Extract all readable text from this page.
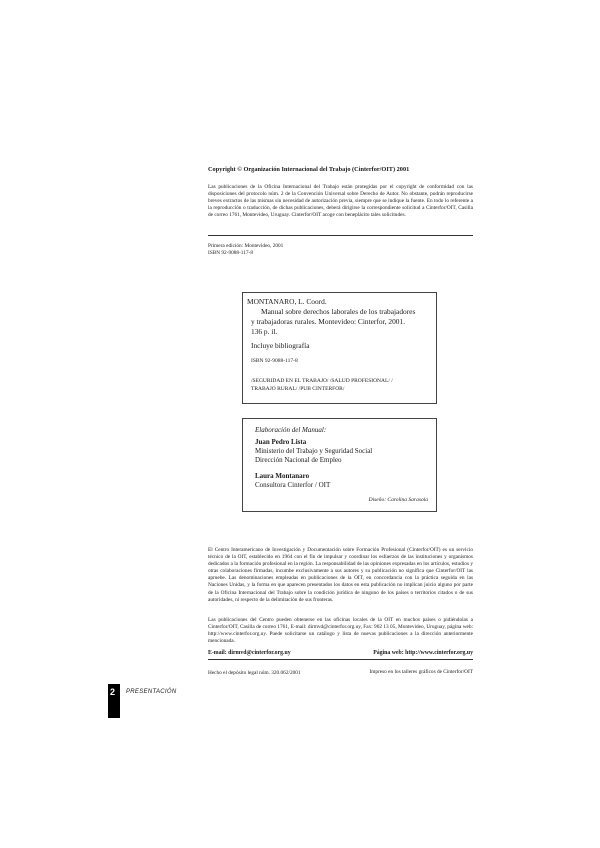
Copyright © Organización Internacional del Trabajo (Cinterfor/OIT) 2001
Las publicaciones de la Oficina Internacional del Trabajo están protegidas por el copyright de conformidad con las disposiciones del protocolo núm. 2 de la Convención Universal sobre Derecho de Autor. No obstante, podrán reproducirse breves extractos de las mismas sin necesidad de autorización previa, siempre que se indique la fuente. En todo lo referente a la reproducción o traducción, de dichas publicaciones, deberá dirigirse la correspondiente solicitud a Cinterfor/OIT, Casilla de correo 1761, Montevideo, Uruguay. Cinterfor/OIT acoge con beneplácito tales solicitudes.
Primera edición: Montevideo, 2001
ISBN 92-9088-117-8
MONTANARO, L. Coord.
Manual sobre derechos laborales de los trabajadores
y trabajadoras rurales. Montevideo: Cinterfor, 2001.
136 p. il.
Incluye bibliografía
ISBN 92-9088-117-8
/SEGURIDAD EN EL TRABAJO/ /SALUD PROFESIONAL/ /
TRABAJO RURAL/ /PUB CINTERFOR/
Elaboración del Manual:
Juan Pedro Lista
Ministerio del Trabajo y Seguridad Social
Dirección Nacional de Empleo
Laura Montanaro
Consultora Cinterfor / OIT
Diseño: Carolina Sarasola
El Centro Interamericano de Investigación y Documentación sobre Formación Profesional (Cinterfor/OIT) es un servicio técnico de la OIT, establecido en 1964 con el fin de impulsar y coordinar los esfuerzos de las instituciones y organismos dedicados a la formación profesional en la región. La responsabilidad de las opiniones expresadas en los artículos, estudios y otras colaboraciones firmadas, incumbe exclusivamente a sus autores y su publicación no significa que Cinterfor/OIT las apruebe. Las denominaciones empleadas en publicaciones de la OIT, en concordancia con la práctica seguida en las Naciones Unidas, y la forma en que aparecen presentados los datos en esta publicación no implican juicio alguno por parte de la Oficina Internacional del Trabajo sobre la condición jurídica de ninguno de los países o territorios citados o de sus autoridades, ni respecto de la delimitación de sus fronteras.
Las publicaciones del Centro pueden obtenerse en las oficinas locales de la OIT en muchos países o pidiéndolas a Cinterfor/OIT, Casilla de correo 1761, E-mail: dirmvd@cinterfor.org.uy, Fax: 902 13 05, Montevideo, Uruguay, página web: http://www.cinterfor.org.uy. Puede solicitarse un catálogo y lista de nuevas publicaciones a la dirección anteriormente mencionada.
E-mail: dirmvd@cinterfor.org.uy	Página web: http://www.cinterfor.org.uy
Hecho el depósito legal núm. 320.062/2001	Impreso en los talleres gráficos de Cinterfor/OIT
2 PRESENTACIÓN
